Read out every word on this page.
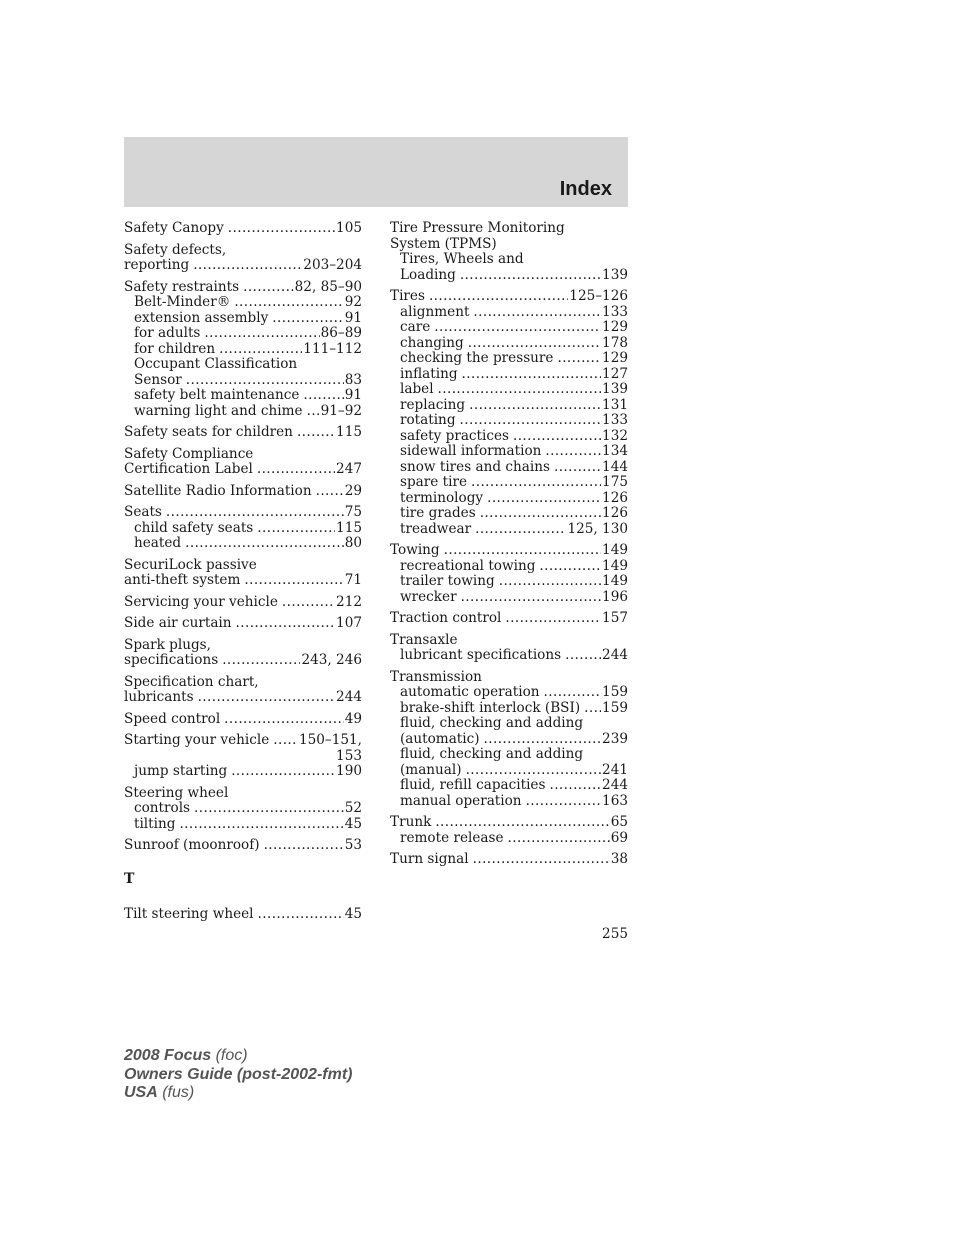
Index
Safety Canopy .....	105
Safety defects,
reporting .....	203–204
Safety restraints .....	82, 85–90
Belt-Minder® .....	92
extension assembly .....	91
for adults .....	86–89
for children .....	111–112
Occupant Classification
Sensor .....	83
safety belt maintenance .....	91
warning light and chime ..... 91–92
Safety seats for children .....	115
Safety Compliance
Certification Label .....	247
Satellite Radio Information ..... 29
Seats .....	75
child safety seats .....	115
heated .....	80
SecuriLock passive
anti-theft system .....	71
Servicing your vehicle .....	212
Side air curtain .....	107
Spark plugs,
specifications .....	243, 246
Specification chart,
lubricants .....	244
Speed control .....	49
Starting your vehicle ..... 150–151,
153
jump starting .....	190
Steering wheel
controls .....	52
tilting .....	45
Sunroof (moonroof) .....	53
T
Tilt steering wheel .....	45
Tire Pressure Monitoring
System (TPMS)
Tires, Wheels and
Loading .....	139
Tires .....	125–126
alignment .....	133
care .....	129
changing .....	178
checking the pressure .....	129
inflating .....	127
label .....	139
replacing .....	131
rotating .....	133
safety practices .....	132
sidewall information .....	134
snow tires and chains .....	144
spare tire .....	175
terminology .....	126
tire grades .....	126
treadwear .....	125, 130
Towing .....	149
recreational towing .....	149
trailer towing .....	149
wrecker .....	196
Traction control .....	157
Transaxle
lubricant specifications .....	244
Transmission
automatic operation .....	159
brake-shift interlock (BSI) ..... 159
fluid, checking and adding
(automatic) .....	239
fluid, checking and adding
(manual) .....	241
fluid, refill capacities .....	244
manual operation .....	163
Trunk .....	65
remote release .....	69
Turn signal .....	38
255
2008 Focus (foc)
Owners Guide (post-2002-fmt)
USA (fus)
